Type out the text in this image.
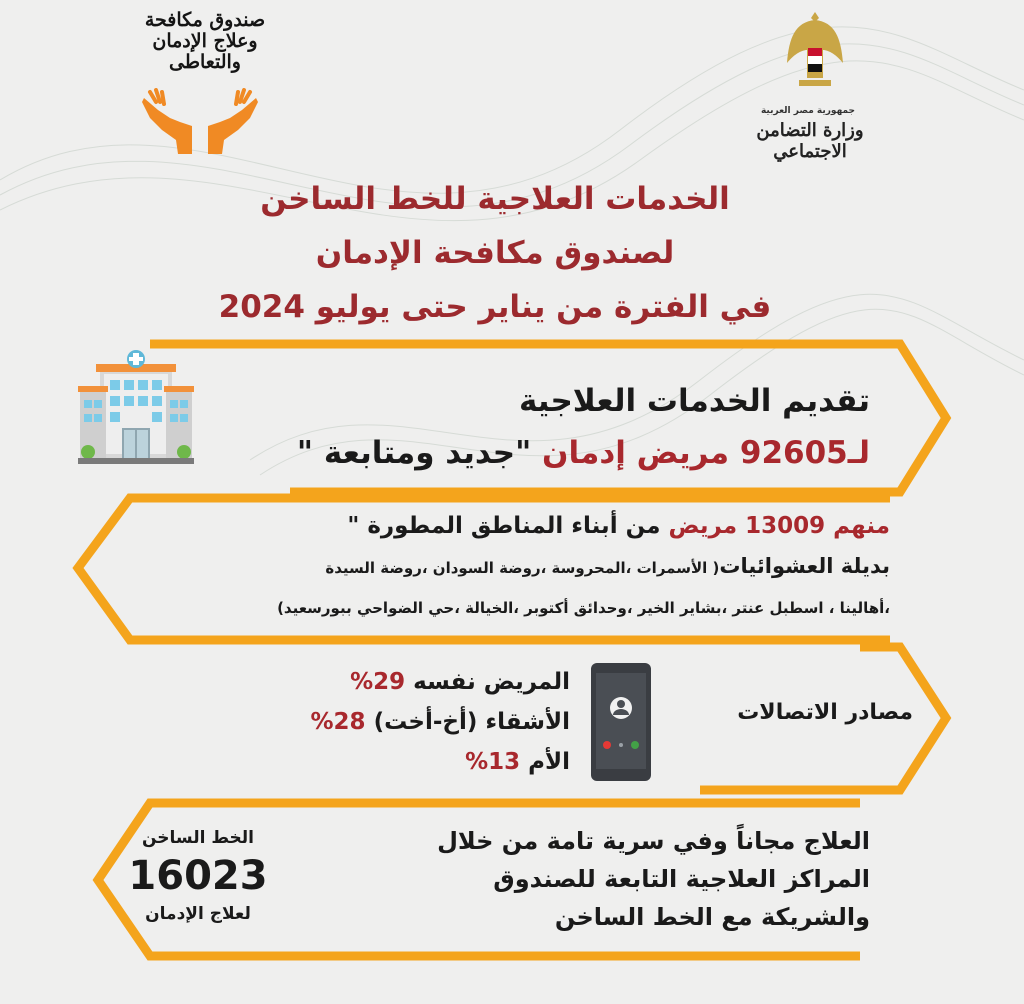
جمهورية مصر العربية
وزارة التضامن الاجتماعي
صندوق مكافحة
وعلاج الإدمان
والتعاطى
الخدمات العلاجية للخط الساخن
لصندوق مكافحة الإدمان
في الفترة من يناير حتى يوليو 2024
تقديم الخدمات العلاجية
لـ92605 مريض إدمان "جديد ومتابعة "
منهم 13009 مريض من أبناء المناطق المطورة "
بديلة العشوائيات( الأسمرات ،المحروسة ،روضة السودان ،روضة السيدة
،أهالينا ، اسطبل عنتر ،بشاير الخير ،وحدائق أكتوبر ،الخيالة ،حي الضواحي ببورسعيد)
مصادر الاتصالات
المريض نفسه 29%
الأشقاء (أخ-أخت) 28%
الأم 13%
العلاج مجاناً وفي سرية تامة من خلال
المراكز العلاجية التابعة للصندوق
والشريكة مع الخط الساخن
الخط الساخن
16023
لعلاج الإدمان
